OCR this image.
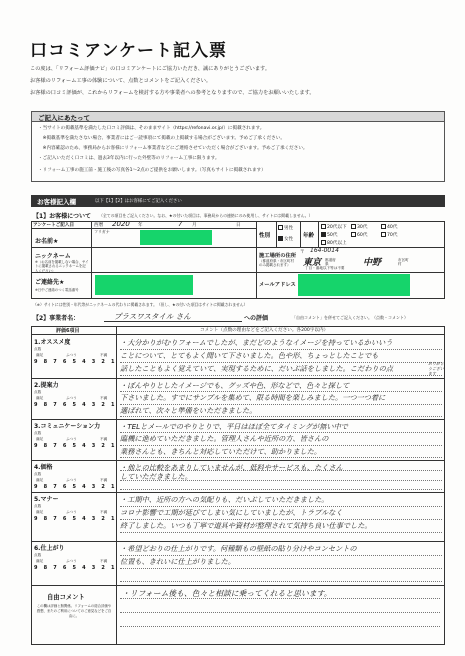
口コミアンケート記入票
この度は、「リフォーム評価ナビ」の口コミアンケートにご協力いただき、誠にありがとうございます。
お客様のリフォーム工事の体験について、点数とコメントをご記入ください。
お客様の口コミ評価が、これからリフォームを検討する方や事業者への参考となりますので、ご協力をお願いいたします。
ご記入にあたって
・当サイトの掲載基準を満たした口コミ評価は、そのままサイト（https://refonavi.or.jp/）に掲載されます。
　※掲載基準を満たさない場合、事業者にはご一読事項にて掲載の上掲載する場合がございます。予めご了承ください。
　※内容確認のため、事務局からお客様にリフォーム事業者などにご連絡させていただく場合がございます。予めご了承ください。
・ご記入いただく口コミは、過去3年以内に行った外壁等のリフォーム工事に限ります。
・リフォーム工事の施工前・施工後の写真各1〜2点のご提供をお願いします。（写真もサイトに掲載されます）
お客様記入欄	以下【1】【2】はお客様にてご記入ください
【1】お客様について （全ての項目をご記入ください。なお、★の付いた項目は、事務局からの連絡にのみ使用し、サイトには掲載しません。）
アンケートご記入日	西暦 2020 年	7 月	日
フリガナ
お名前★
性別
男性
女性
年齢
20代以下	30代	40代
50代	60代	70代
80代以上
ニックネーム
※（お名前を掲載しない場合、サイトに掲載されるニックネームを記入ください）
施工場所の住所
（都道府県・市区町村のみ掲載されます）
〒 164-0014
東京 都道府県	中野	市区町村
丁目・番地以下等は不要
ご連絡先★
※日中ご連絡のつく電話番号
メールアドレス
（※）サイトには性別・年代等がニックネームの代わりに掲載されます。（但し、★の付いた項目はサイトに掲載されません）
【2】事業者名：	プラスワスタイル さん	への評価	「自由コメント」を併せてご記入ください。（点数・コメント）
評価6項目	コメント（点数の理由などをご記入ください。各200字以内）
自由コメント
この欄は評価と無関係。リフォームの総合評価や感想、またのご利用についてのご意見などをご自由に。
・リフォーム後も、色々と相談に乗ってくれると思います。
1.オススメ度
点数
満足	ふつう	不満
9 8 7 6 5 4 3 2 1
・大分かりがむりフォームでしたが、まだどのようなイメージを持っているかいいう
ことについて、とてもよく聞いて下さいました。色や形、ちょっとしたことでも
話したこともよく覚えていて、実現するために、だいぶ話をしました。こだわりの点
ありがとうございます
2.提案力
点数
満足	ふつう	不満
9 8 7 6 5 4 3 2 1
・ぼんやりとしたイメージでも、グッズや色、形などで、色々と探して
下さいました。すでにサンプルを集めて、限る時間を楽しみました。一つ一つ着に
選ばれて、次々と準備をいただきました。
3.コミュニケーション力
点数
満足	ふつう	不満
9 8 7 6 5 4 3 2 1
・TELとメールでのやりとりで、平日はほぼ全てタイミングが無い中で
臨機に進めていただきました。管理人さんや近所の方、皆さんの
業務さんとも、きちんと対応していただけて、助かりました。
4.価格
点数
満足	ふつう	不満
9 8 7 6 5 4 3 2 1
・他との比較をあまりしていませんが、低料やサービスも、たくさん
していただきました。
5.マナー
点数
満足	ふつう	不満
9 8 7 6 5 4 3 2 1
・工期中、近所の方への気配りも、だいぶしていただきました。
コロナ影響で工期が延びてしまい気にしていましたが、トラブルなく
終了しました。いつも丁寧で道具や資材が整理されて気持ち良い仕事でした。
6.仕上がり
点数
満足	ふつう	不満
9 8 7 6 5 4 3 2 1
・希望どおりの仕上がりです。何種類もの壁紙の貼り分けやコンセントの
位置も、きれいに仕上がりました。
